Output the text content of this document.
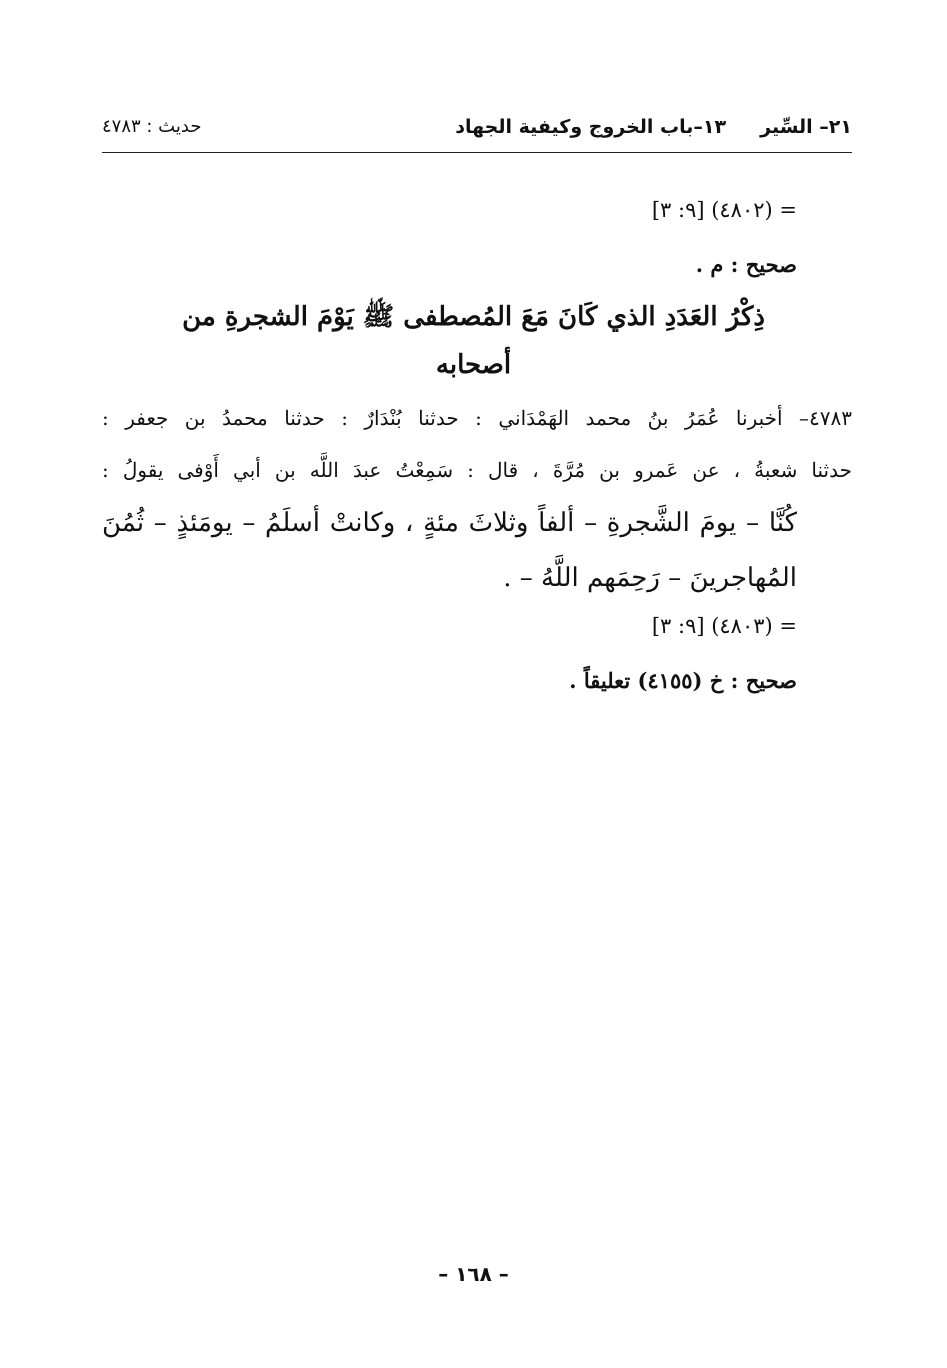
٢١– السِّير١٣–باب الخروج وكيفية الجهاد
حديث : ٤٧٨٣
= (٤٨٠٢) [٩: ٣]
صحيح : م .
ذِكْرُ العَدَدِ الذي كَانَ مَعَ المُصطفى ﷺ يَوْمَ الشجرةِ من
أصحابه
٤٧٨٣– أخبرنا عُمَرُ بنُ محمد الهَمْدَاني : حدثنا بُنْدَارٌ : حدثنا محمدُ بن جعفر :
حدثنا شعبةُ ، عن عَمرو بن مُرَّةَ ، قال : سَمِعْتُ عبدَ اللَّه بن أبي أَوْفى يقولُ :
كُنَّا – يومَ الشَّجرةِ – ألفاً وثلاثَ مئةٍ ، وكانتْ أسلَمُ – يومَئذٍ – ثُمُنَ
المُهاجرينَ – رَحِمَهم اللَّهُ – .
= (٤٨٠٣) [٩: ٣]
صحيح : خ (٤١٥٥) تعليقاً .
– ١٦٨ –
